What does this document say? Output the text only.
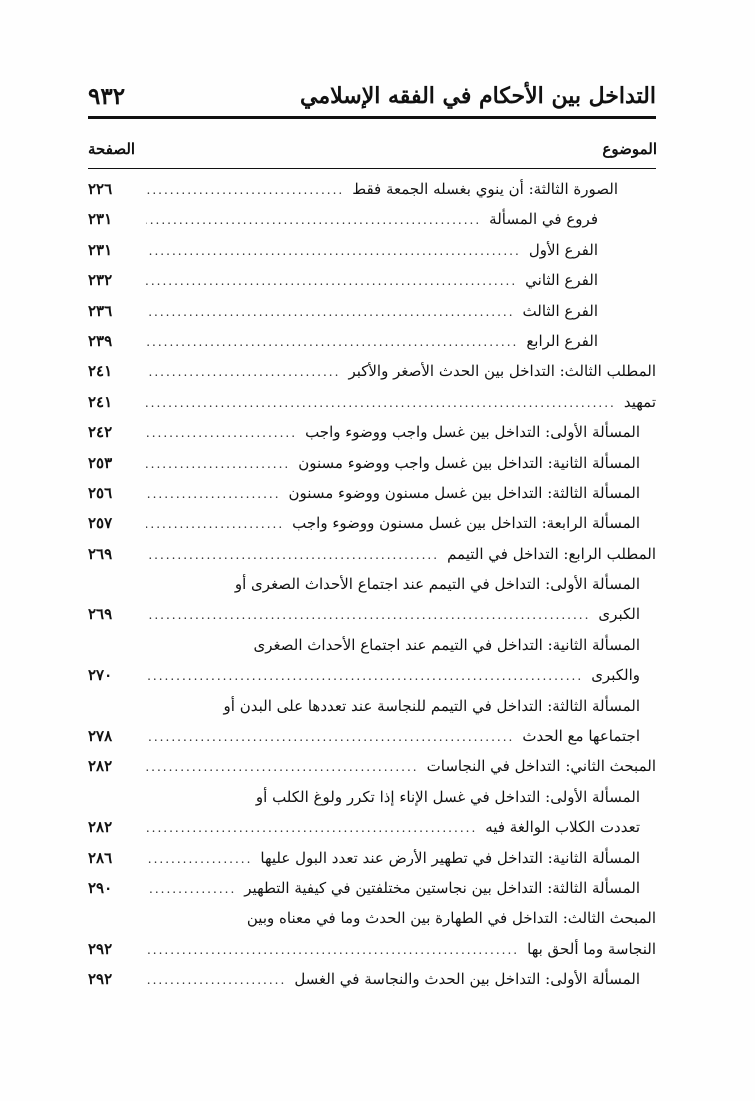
التداخل بين الأحكام في الفقه الإسلامي
٩٣٢
الموضوع
الصفحة
الصورة الثالثة: أن ينوي بغسله الجمعة فقط
.....
٢٢٦
فروع في المسألة
.....
٢٣١
الفرع الأول
.....
٢٣١
الفرع الثاني
.....
٢٣٢
الفرع الثالث
.....
٢٣٦
الفرع الرابع
.....
٢٣٩
المطلب الثالث: التداخل بين الحدث الأصغر والأكبر
.....
٢٤١
تمهيد
.....
٢٤١
المسألة الأولى: التداخل بين غسل واجب ووضوء واجب
.....
٢٤٢
المسألة الثانية: التداخل بين غسل واجب ووضوء مسنون
.....
٢٥٣
المسألة الثالثة: التداخل بين غسل مسنون ووضوء مسنون
.....
٢٥٦
المسألة الرابعة: التداخل بين غسل مسنون ووضوء واجب
.....
٢٥٧
المطلب الرابع: التداخل في التيمم
.....
٢٦٩
المسألة الأولى: التداخل في التيمم عند اجتماع الأحداث الصغرى أو
الكبرى
.....
٢٦٩
المسألة الثانية: التداخل في التيمم عند اجتماع الأحداث الصغرى
والكبرى
.....
٢٧٠
المسألة الثالثة: التداخل في التيمم للنجاسة عند تعددها على البدن أو
اجتماعها مع الحدث
.....
٢٧٨
المبحث الثاني: التداخل في النجاسات
.....
٢٨٢
المسألة الأولى: التداخل في غسل الإناء إذا تكرر ولوغ الكلب أو
تعددت الكلاب الوالغة فيه
.....
٢٨٢
المسألة الثانية: التداخل في تطهير الأرض عند تعدد البول عليها
.....
٢٨٦
المسألة الثالثة: التداخل بين نجاستين مختلفتين في كيفية التطهير
.....
٢٩٠
المبحث الثالث: التداخل في الطهارة بين الحدث وما في معناه وبين
النجاسة وما ألحق بها
.....
٢٩٢
المسألة الأولى: التداخل بين الحدث والنجاسة في الغسل
.....
٢٩٢
